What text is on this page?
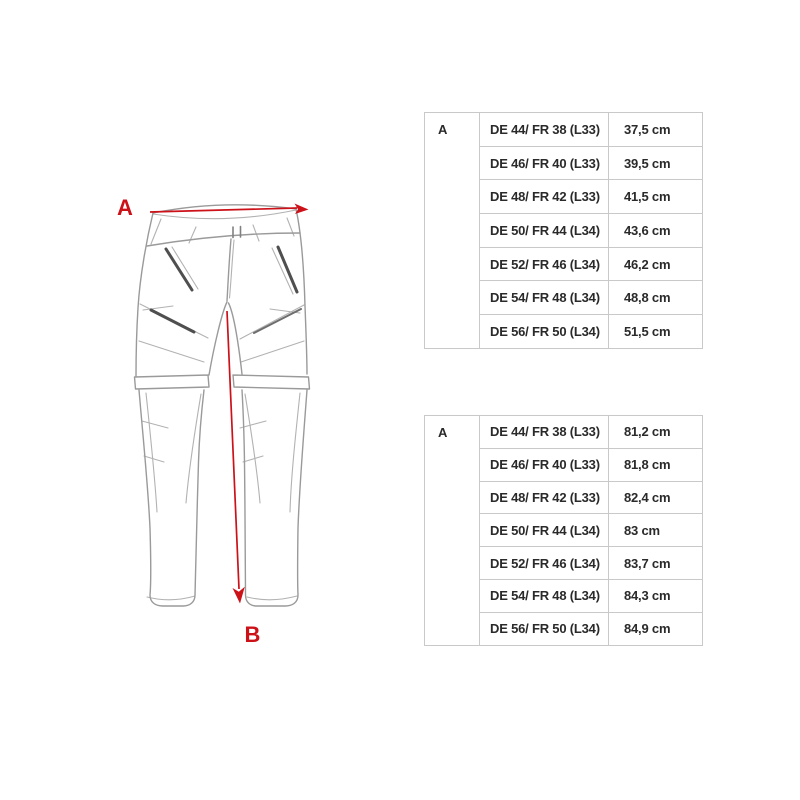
A
B
A	DE 44/ FR 38 (L33)	37,5 cm
	DE 46/ FR 40 (L33)	39,5 cm
	DE 48/ FR 42 (L33)	41,5 cm
	DE 50/ FR 44 (L34)	43,6 cm
	DE 52/ FR 46 (L34)	46,2 cm
	DE 54/ FR 48 (L34)	48,8 cm
	DE 56/ FR 50 (L34)	51,5 cm
A	DE 44/ FR 38 (L33)	81,2 cm
	DE 46/ FR 40 (L33)	81,8 cm
	DE 48/ FR 42 (L33)	82,4 cm
	DE 50/ FR 44 (L34)	83 cm
	DE 52/ FR 46 (L34)	83,7 cm
	DE 54/ FR 48 (L34)	84,3 cm
	DE 56/ FR 50 (L34)	84,9 cm
